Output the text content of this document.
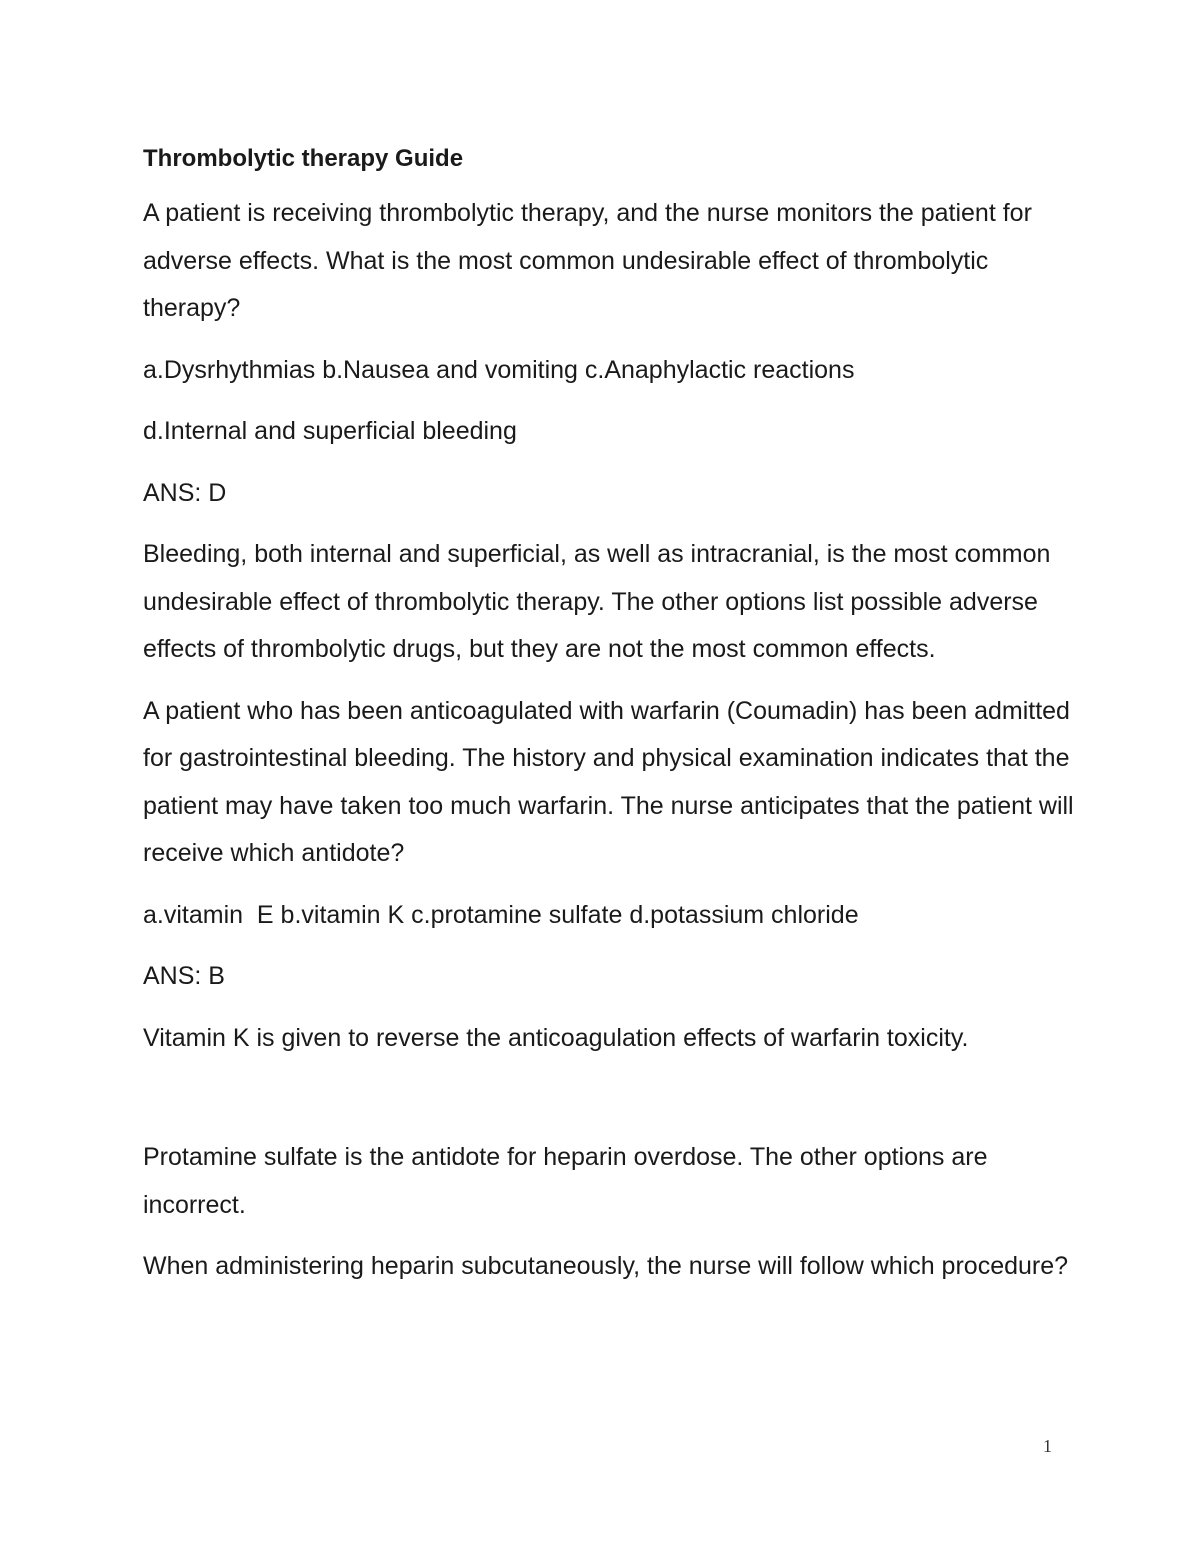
Thrombolytic therapy Guide
A patient is receiving thrombolytic therapy, and the nurse monitors the patient for adverse effects. What is the most common undesirable effect of thrombolytic therapy?
a.Dysrhythmias b.Nausea and vomiting c.Anaphylactic reactions
d.Internal and superficial bleeding
ANS: D
Bleeding, both internal and superficial, as well as intracranial, is the most common undesirable effect of thrombolytic therapy. The other options list possible adverse effects of thrombolytic drugs, but they are not the most common effects.
A patient who has been anticoagulated with warfarin (Coumadin) has been admitted for gastrointestinal bleeding. The history and physical examination indicates that the patient may have taken too much warfarin. The nurse anticipates that the patient will receive which antidote?
a.vitamin  E b.vitamin K c.protamine sulfate d.potassium chloride
ANS: B
Vitamin K is given to reverse the anticoagulation effects of warfarin toxicity.
Protamine sulfate is the antidote for heparin overdose. The other options are incorrect.
When administering heparin subcutaneously, the nurse will follow which procedure?
1
